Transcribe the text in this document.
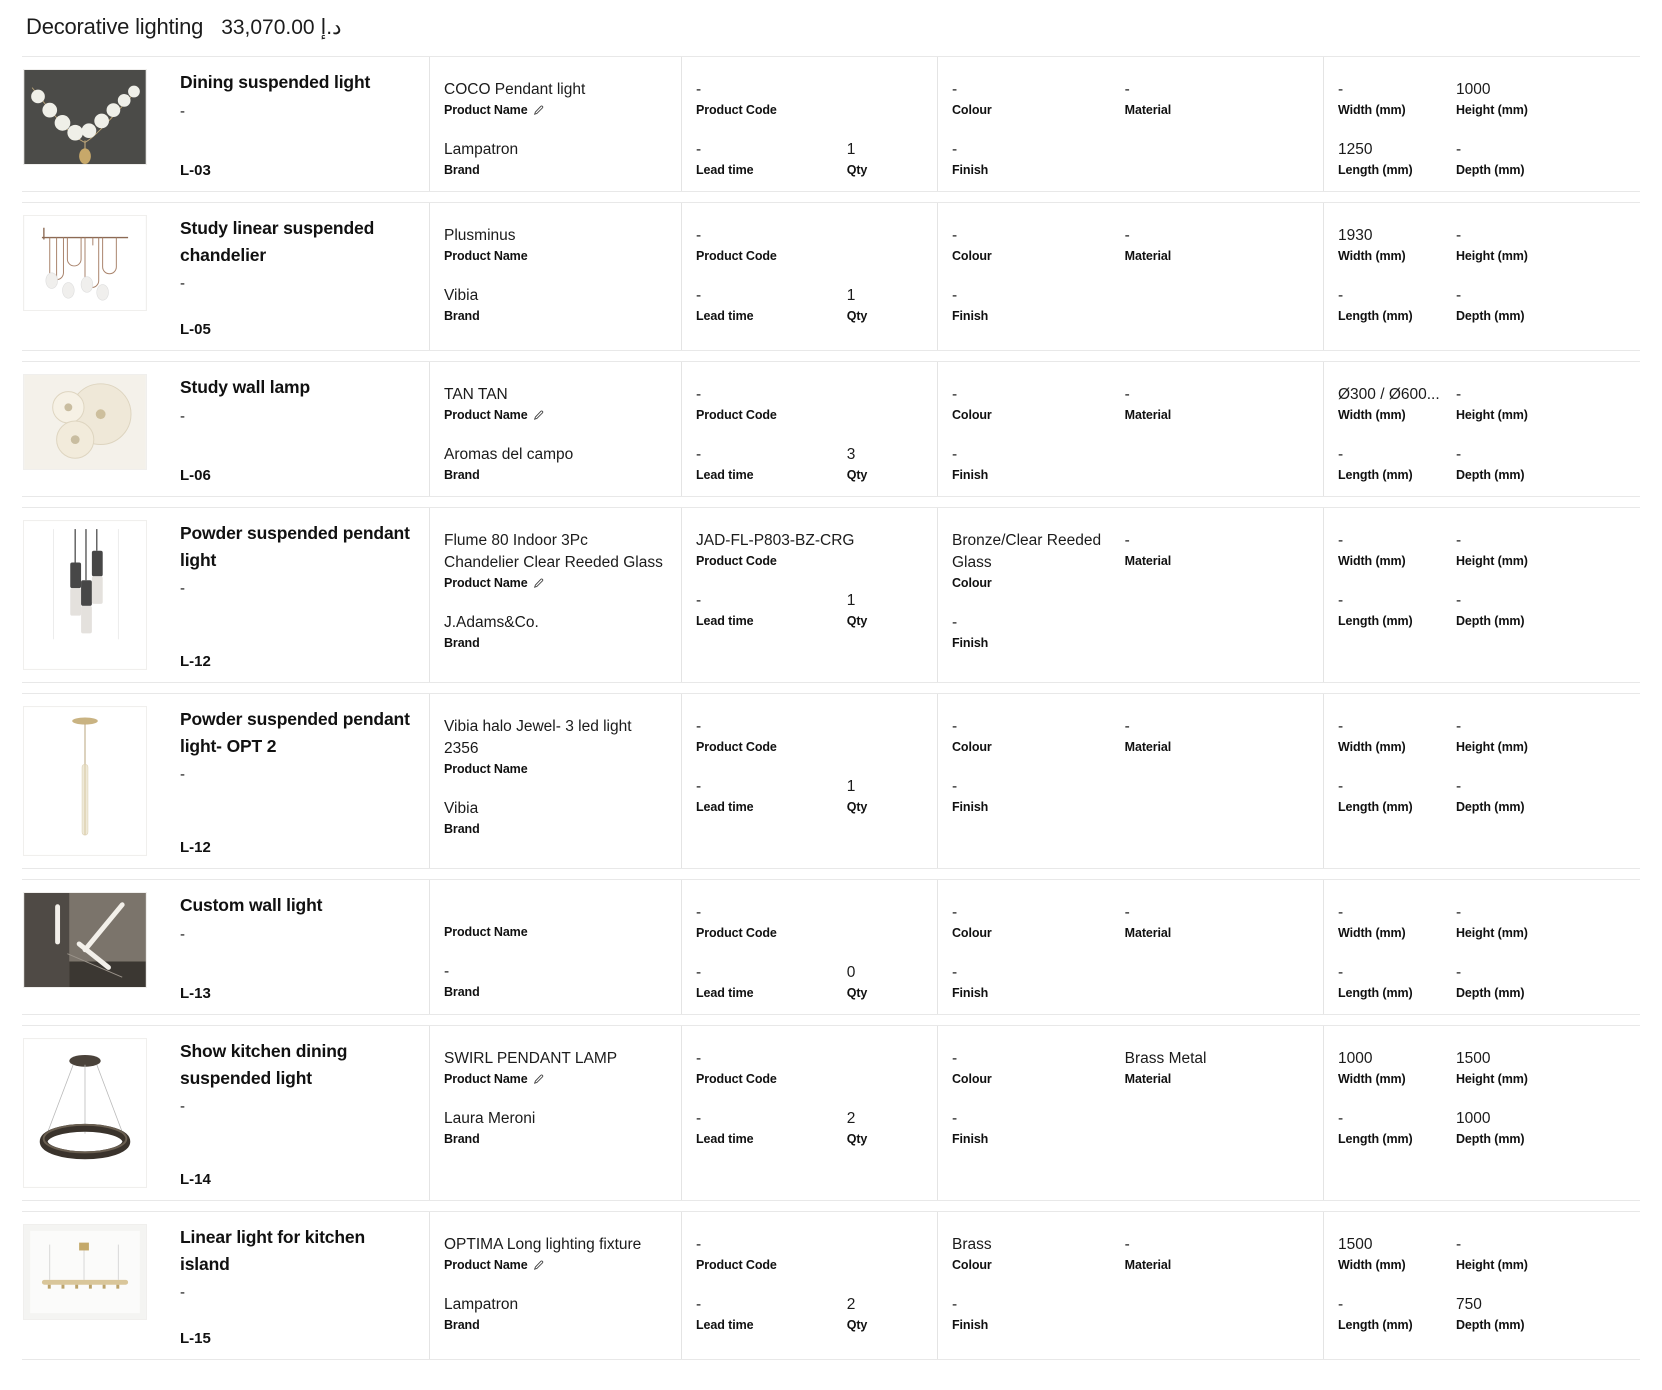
Decorative lighting 33,070.00 د.إ
Dining suspended light
-
L-03
COCO Pendant light
Product Name
Lampatron
Brand
-
Product Code
-
Lead time
1
Qty
-
Colour
-
Material
-
Finish
-
Width (mm)
1000
Height (mm)
1250
Length (mm)
-
Depth (mm)
Study linear suspended chandelier
-
L-05
Plusminus
Product Name
Vibia
Brand
-
Product Code
-
Lead time
1
Qty
-
Colour
-
Material
-
Finish
1930
Width (mm)
-
Height (mm)
-
Length (mm)
-
Depth (mm)
Study wall lamp
-
L-06
TAN TAN
Product Name
Aromas del campo
Brand
-
Product Code
-
Lead time
3
Qty
-
Colour
-
Material
-
Finish
Ø300 / Ø600...
Width (mm)
-
Height (mm)
-
Length (mm)
-
Depth (mm)
Powder suspended pendant light
-
L-12
Flume 80 Indoor 3Pc Chandelier Clear Reeded Glass
Product Name
J.Adams&Co.
Brand
JAD-FL-P803-BZ-CRG
Product Code
-
Lead time
1
Qty
Bronze/Clear Reeded Glass
Colour
-
Material
-
Finish
-
Width (mm)
-
Height (mm)
-
Length (mm)
-
Depth (mm)
Powder suspended pendant light- OPT 2
-
L-12
Vibia halo Jewel- 3 led light 2356
Product Name
Vibia
Brand
-
Product Code
-
Lead time
1
Qty
-
Colour
-
Material
-
Finish
-
Width (mm)
-
Height (mm)
-
Length (mm)
-
Depth (mm)
Custom wall light
-
L-13
Product Name
-
Brand
-
Product Code
-
Lead time
0
Qty
-
Colour
-
Material
-
Finish
-
Width (mm)
-
Height (mm)
-
Length (mm)
-
Depth (mm)
Show kitchen dining suspended light
-
L-14
SWIRL PENDANT LAMP
Product Name
Laura Meroni
Brand
-
Product Code
-
Lead time
2
Qty
-
Colour
Brass Metal
Material
-
Finish
1000
Width (mm)
1500
Height (mm)
-
Length (mm)
1000
Depth (mm)
Linear light for kitchen island
-
L-15
OPTIMA Long lighting fixture
Product Name
Lampatron
Brand
-
Product Code
-
Lead time
2
Qty
Brass
Colour
-
Material
-
Finish
1500
Width (mm)
-
Height (mm)
-
Length (mm)
750
Depth (mm)
